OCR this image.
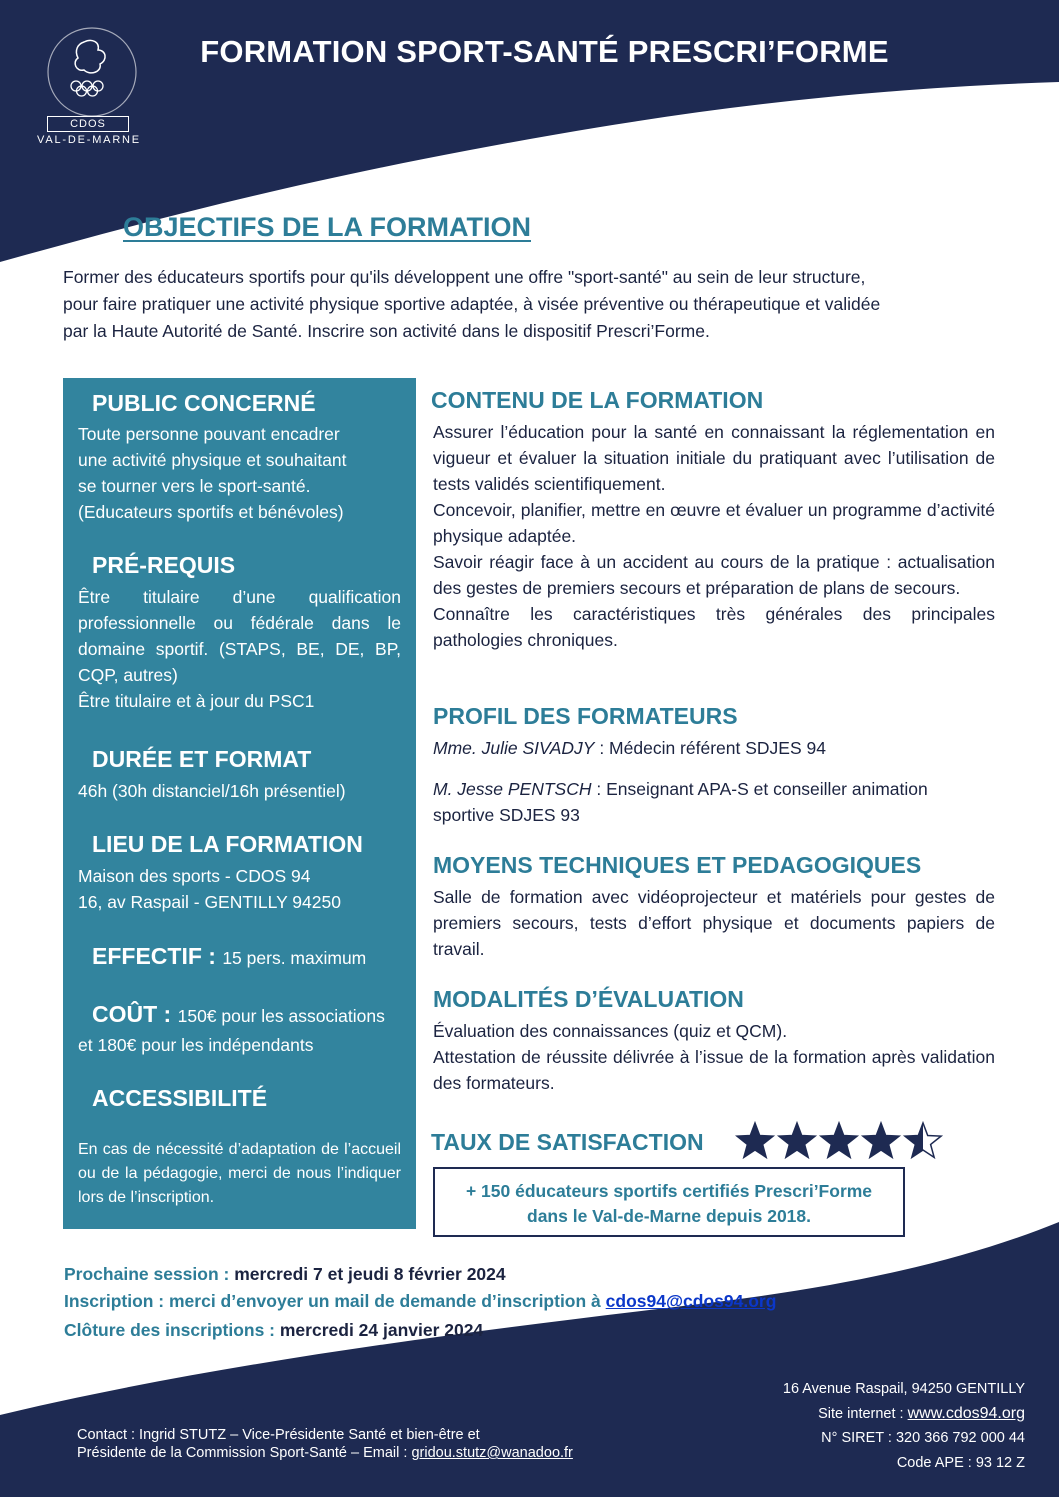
CDOS
VAL-DE-MARNE
FORMATION SPORT-SANTÉ PRESCRI’FORME
OBJECTIFS DE LA FORMATION
Former des éducateurs sportifs pour qu'ils développent une offre "sport-santé" au sein de leur structure,
pour faire pratiquer une activité physique sportive adaptée, à visée préventive ou thérapeutique et validée
par la Haute Autorité de Santé. Inscrire son activité dans le dispositif Prescri’Forme.
PUBLIC CONCERNÉ
Toute personne pouvant encadrer
une activité physique et souhaitant
se tourner vers le sport-santé.
(Educateurs sportifs et bénévoles)
PRÉ-REQUIS
Être titulaire d’une qualification professionnelle ou fédérale dans le domaine sportif. (STAPS, BE, DE, BP, CQP, autres)
Être titulaire et à jour du PSC1
DURÉE ET FORMAT
46h (30h distanciel/16h présentiel)
LIEU DE LA FORMATION
Maison des sports - CDOS 94
16, av Raspail - GENTILLY 94250
EFFECTIF : 15 pers. maximum
COÛT : 150€ pour les associations
et 180€ pour les indépendants
ACCESSIBILITÉ
En cas de nécessité d’adaptation de l’accueil ou de la pédagogie, merci de nous l’indiquer lors de l’inscription.
CONTENU DE LA FORMATION

Assurer l’éducation pour la santé en connaissant la réglementation en vigueur et évaluer la situation initiale du pratiquant avec l’utilisation de tests validés scientifiquement.

Concevoir, planifier, mettre en œuvre et évaluer un programme d’activité physique adaptée.

Savoir réagir face à un accident au cours de la pratique : actualisation des gestes de premiers secours et préparation de plans de secours.

Connaître les caractéristiques très générales des principales pathologies chroniques.

PROFIL DES FORMATEURS
Mme. Julie SIVADJY : Médecin référent SDJES 94
M. Jesse PENTSCH : Enseignant APA-S et conseiller animation sportive SDJES 93
MOYENS TECHNIQUES ET PEDAGOGIQUES
Salle de formation avec vidéoprojecteur et matériels pour gestes de premiers secours, tests d’effort physique et documents papiers de travail.
MODALITÉS D’ÉVALUATION

Évaluation des connaissances (quiz et QCM).

Attestation de réussite délivrée à l’issue de la formation après validation des formateurs.

TAUX DE SATISFACTION
+ 150 éducateurs sportifs certifiés Prescri’Forme
dans le Val-de-Marne depuis 2018.
Prochaine session : mercredi 7 et jeudi 8 février 2024
Inscription : merci d’envoyer un mail de demande d’inscription à cdos94@cdos94.org
Clôture des inscriptions : mercredi 24 janvier 2024
Contact : Ingrid STUTZ – Vice-Présidente Santé et bien-être et
Présidente de la Commission Sport-Santé – Email : gridou.stutz@wanadoo.fr
16 Avenue Raspail, 94250 GENTILLY
Site internet : www.cdos94.org
N° SIRET : 320 366 792 000 44
Code APE : 93 12 Z
